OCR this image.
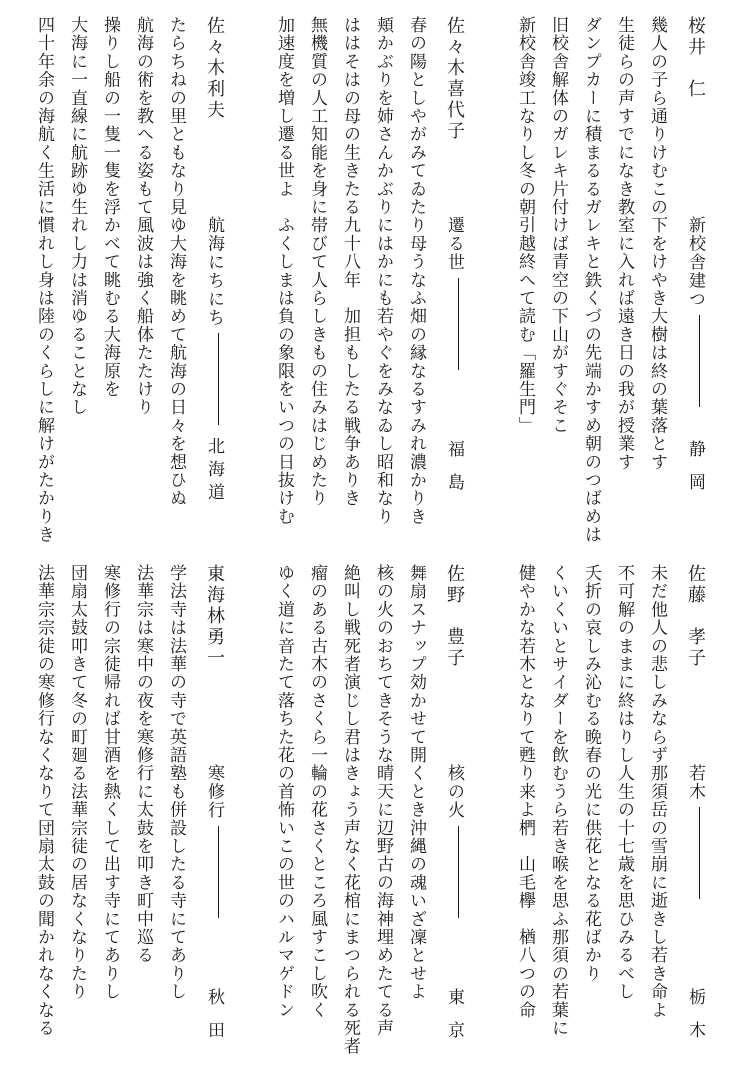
桜井　仁
新校舎建つ
静岡
幾人の子ら通りけむこの下をけやき大樹は終の葉落とす
生徒らの声すでになき教室に入れば遠き日の我が授業す
ダンプカーに積まるるガレキと鉄くづの先端かすめ朝のつばめは
旧校舎解体のガレキ片付けば青空の下山がすぐそこ
新校舎竣工なりし冬の朝引越終へて読む「羅生門」
佐々木喜代子
遷る世
福島
春の陽としやがみてゐたり母うなふ畑の縁なるすみれ濃かりき
頬かぶりを姉さんかぶりにはかにも若やぐをみなゐし昭和なり
ははそはの母の生きたる九十八年　加担もしたる戦争ありき
無機質の人工知能を身に帯びて人らしきもの住みはじめたり
加速度を増し遷る世よ　ふくしまは負の象限をいつの日抜けむ
佐々木利夫
航海にちにち
北海道
たらちねの里ともなり見ゆ大海を眺めて航海の日々を想ひぬ
航海の術を教へる姿もて風波は強く船体たたけり
操りし船の一隻一隻を浮かべて眺むる大海原を
大海に一直線に航跡ゆ生れし力は消ゆることなし
四十年余の海航く生活に慣れし身は陸のくらしに解けがたかりき
佐藤　孝子
若木
栃木
未だ他人の悲しみならず那須岳の雪崩に逝きし若き命よ
不可解のままに終はりし人生の十七歳を思ひみるべし
夭折の哀しみ沁むる晩春の光に供花となる花ばかり
くいくいとサイダーを飲むうら若き喉を思ふ那須の若葉に
健やかな若木となりて甦り来よ椚　山毛欅　楢八つの命
佐野　豊子
核の火
東京
舞扇スナップ効かせて開くとき沖縄の魂いざ凜とせよ
核の火のおちてきそうな晴天に辺野古の海神埋めたてる声
絶叫し戦死者演じし君はきょう声なく花棺にまつられる死者
瘤のある古木のさくら一輪の花さくところ風すこし吹く
ゆく道に音たて落ちた花の首怖いこの世のハルマゲドン
東海林勇一
寒修行
秋田
学法寺は法華の寺で英語塾も併設したる寺にてありし
法華宗は寒中の夜を寒修行に太鼓を叩き町中巡る
寒修行の宗徒帰れば甘酒を熱くして出す寺にてありし
団扇太鼓叩きて冬の町廻る法華宗徒の居なくなりたり
法華宗宗徒の寒修行なくなりて団扇太鼓の聞かれなくなる
